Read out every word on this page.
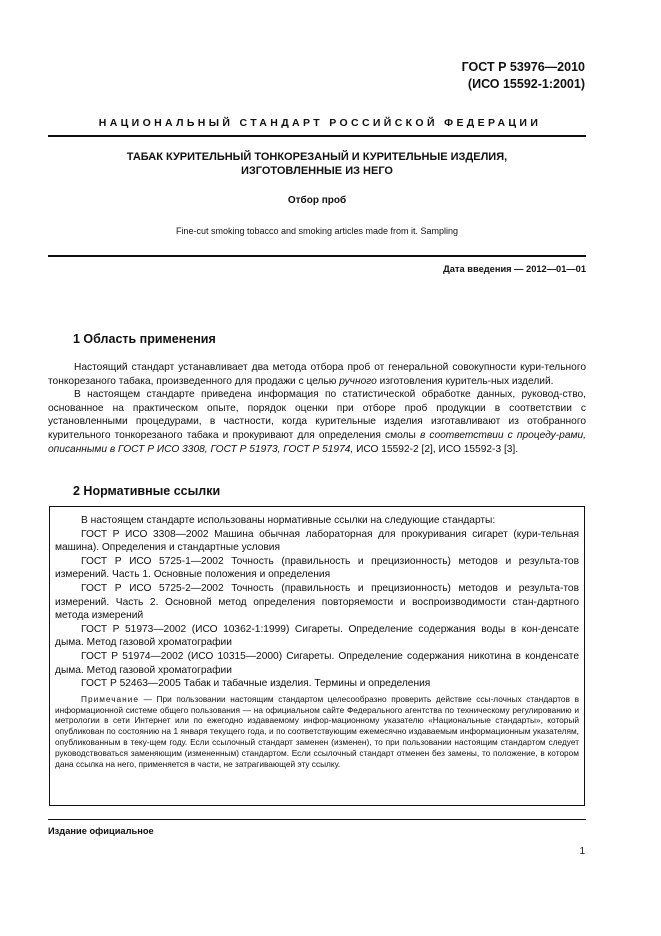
ГОСТ Р 53976—2010
(ИСО 15592-1:2001)
НАЦИОНАЛЬНЫЙ СТАНДАРТ РОССИЙСКОЙ ФЕДЕРАЦИИ
ТАБАК КУРИТЕЛЬНЫЙ ТОНКОРЕЗАНЫЙ И КУРИТЕЛЬНЫЕ ИЗДЕЛИЯ,
ИЗГОТОВЛЕННЫЕ ИЗ НЕГО
Отбор проб
Fine-cut smoking tobacco and smoking articles made from it. Sampling
Дата введения — 2012—01—01
1 Область применения

Настоящий стандарт устанавливает два метода отбора проб от генеральной совокупности кури-тельного тонкорезаного табака, произведенного для продажи с целью ручного изготовления куритель-ных изделий.

В настоящем стандарте приведена информация по статистической обработке данных, руковод-ство, основанное на практическом опыте, порядок оценки при отборе проб продукции в соответствии с установленными процедурами, в частности, когда курительные изделия изготавливают из отобранного курительного тонкорезаного табака и прокуривают для определения смолы в соответствии с процеду-рами, описанными в ГОСТ Р ИСО 3308, ГОСТ Р 51973, ГОСТ Р 51974, ИСО 15592-2 [2], ИСО 15592-3 [3].

2 Нормативные ссылки

В настоящем стандарте использованы нормативные ссылки на следующие стандарты:

ГОСТ Р ИСО 3308—2002 Машина обычная лабораторная для прокуривания сигарет (кури-тельная машина). Определения и стандартные условия

ГОСТ Р ИСО 5725-1—2002 Точность (правильность и прецизионность) методов и результа-тов измерений. Часть 1. Основные положения и определения

ГОСТ Р ИСО 5725-2—2002 Точность (правильность и прецизионность) методов и результа-тов измерений. Часть 2. Основной метод определения повторяемости и воспроизводимости стан-дартного метода измерений

ГОСТ Р 51973—2002 (ИСО 10362-1:1999) Сигареты. Определение содержания воды в кон-денсате дыма. Метод газовой хроматографии

ГОСТ Р 51974—2002 (ИСО 10315—2000) Сигареты. Определение содержания никотина в конденсате дыма. Метод газовой хроматографии

ГОСТ Р 52463—2005 Табак и табачные изделия. Термины и определения

Примечание — При пользовании настоящим стандартом целесообразно проверить действие ссы-лочных стандартов в информационной системе общего пользования — на официальном сайте Федерального агентства по техническому регулированию и метрологии в сети Интернет или по ежегодно издаваемому инфор-мационному указателю «Национальные стандарты», который опубликован по состоянию на 1 января текущего года, и по соответствующим ежемесячно издаваемым информационным указателям, опубликованным в теку-щем году. Если ссылочный стандарт заменен (изменен), то при пользовании настоящим стандартом следует руководствоваться заменяющим (измененным) стандартом. Если ссылочный стандарт отменен без замены, то положение, в котором дана ссылка на него, применяется в части, не затрагивающей эту ссылку.

Издание официальное
1
